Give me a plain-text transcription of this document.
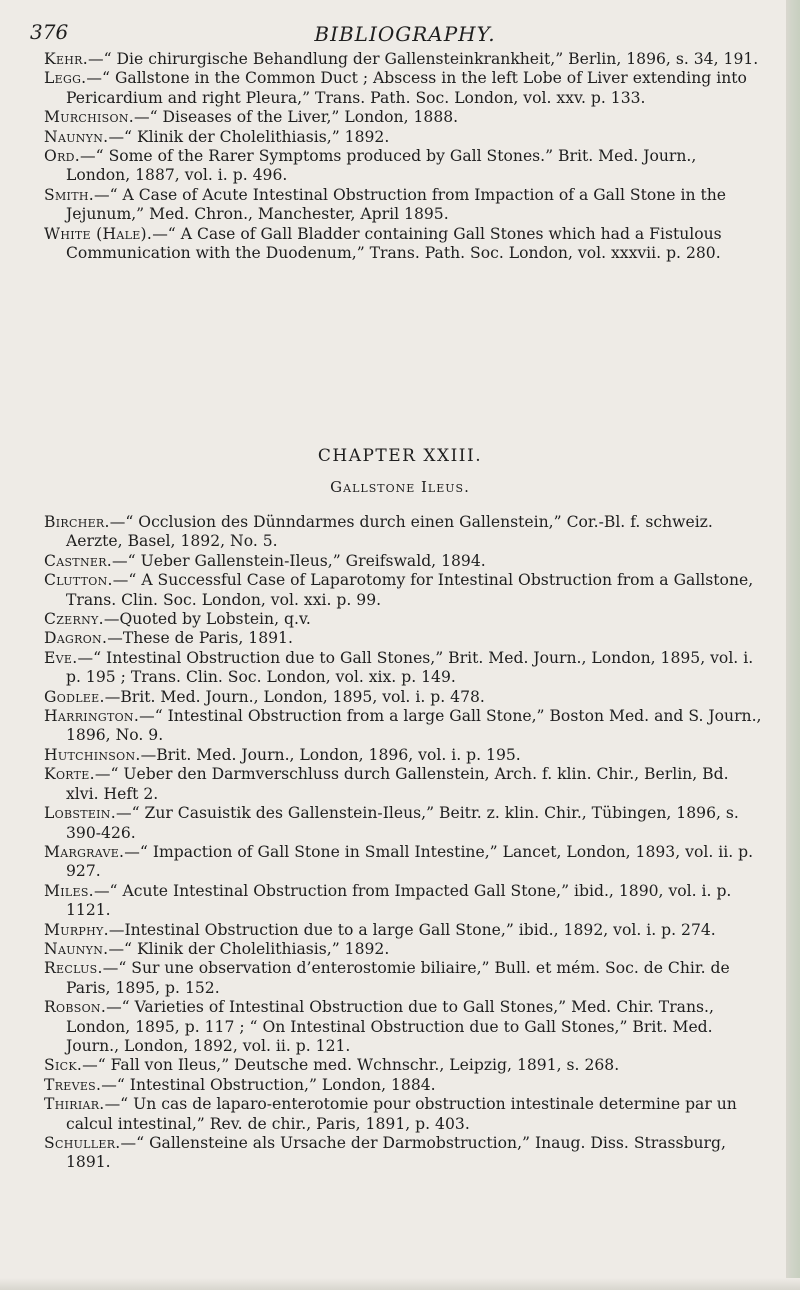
376	BIBLIOGRAPHY.
Kehr.—“ Die chirurgische Behandlung der Gallensteinkrankheit,” Berlin, 1896, s. 34, 191.
Legg.—“ Gallstone in the Common Duct ; Abscess in the left Lobe of Liver extending into Pericardium and right Pleura,” Trans. Path. Soc. London, vol. xxv. p. 133.
Murchison.—“ Diseases of the Liver,” London, 1888.
Naunyn.—“ Klinik der Cholelithiasis,” 1892.
Ord.—“ Some of the Rarer Symptoms produced by Gall Stones.” Brit. Med. Journ., London, 1887, vol. i. p. 496.
Smith.—“ A Case of Acute Intestinal Obstruction from Impaction of a Gall Stone in the Jejunum,” Med. Chron., Manchester, April 1895.
White (Hale).—“ A Case of Gall Bladder containing Gall Stones which had a Fistulous Communication with the Duodenum,” Trans. Path. Soc. London, vol. xxxvii. p. 280.
CHAPTER XXIII.
Gallstone Ileus.
Bircher.—“ Occlusion des Dünndarmes durch einen Gallenstein,” Cor.-Bl. f. schweiz. Aerzte, Basel, 1892, No. 5.
Castner.—“ Ueber Gallenstein-Ileus,” Greifswald, 1894.
Clutton.—“ A Successful Case of Laparotomy for Intestinal Obstruction from a Gallstone, Trans. Clin. Soc. London, vol. xxi. p. 99.
Czerny.—Quoted by Lobstein, q.v.
Dagron.—These de Paris, 1891.
Eve.—“ Intestinal Obstruction due to Gall Stones,” Brit. Med. Journ., London, 1895, vol. i. p. 195 ; Trans. Clin. Soc. London, vol. xix. p. 149.
Godlee.—Brit. Med. Journ., London, 1895, vol. i. p. 478.
Harrington.—“ Intestinal Obstruction from a large Gall Stone,” Boston Med. and S. Journ., 1896, No. 9.
Hutchinson.—Brit. Med. Journ., London, 1896, vol. i. p. 195.
Korte.—“ Ueber den Darmverschluss durch Gallenstein, Arch. f. klin. Chir., Berlin, Bd. xlvi. Heft 2.
Lobstein.—“ Zur Casuistik des Gallenstein-Ileus,” Beitr. z. klin. Chir., Tübingen, 1896, s. 390-426.
Margrave.—“ Impaction of Gall Stone in Small Intestine,” Lancet, London, 1893, vol. ii. p. 927.
Miles.—“ Acute Intestinal Obstruction from Impacted Gall Stone,” ibid., 1890, vol. i. p. 1121.
Murphy.—Intestinal Obstruction due to a large Gall Stone,” ibid., 1892, vol. i. p. 274.
Naunyn.—“ Klinik der Cholelithiasis,” 1892.
Reclus.—“ Sur une observation d’enterostomie biliaire,” Bull. et mém. Soc. de Chir. de Paris, 1895, p. 152.
Robson.—“ Varieties of Intestinal Obstruction due to Gall Stones,” Med. Chir. Trans., London, 1895, p. 117 ; “ On Intestinal Obstruction due to Gall Stones,” Brit. Med. Journ., London, 1892, vol. ii. p. 121.
Sick.—“ Fall von Ileus,” Deutsche med. Wchnschr., Leipzig, 1891, s. 268.
Treves.—“ Intestinal Obstruction,” London, 1884.
Thiriar.—“ Un cas de laparo-enterotomie pour obstruction intestinale determine par un calcul intestinal,” Rev. de chir., Paris, 1891, p. 403.
Schuller.—“ Gallensteine als Ursache der Darmobstruction,” Inaug. Diss. Strassburg, 1891.
